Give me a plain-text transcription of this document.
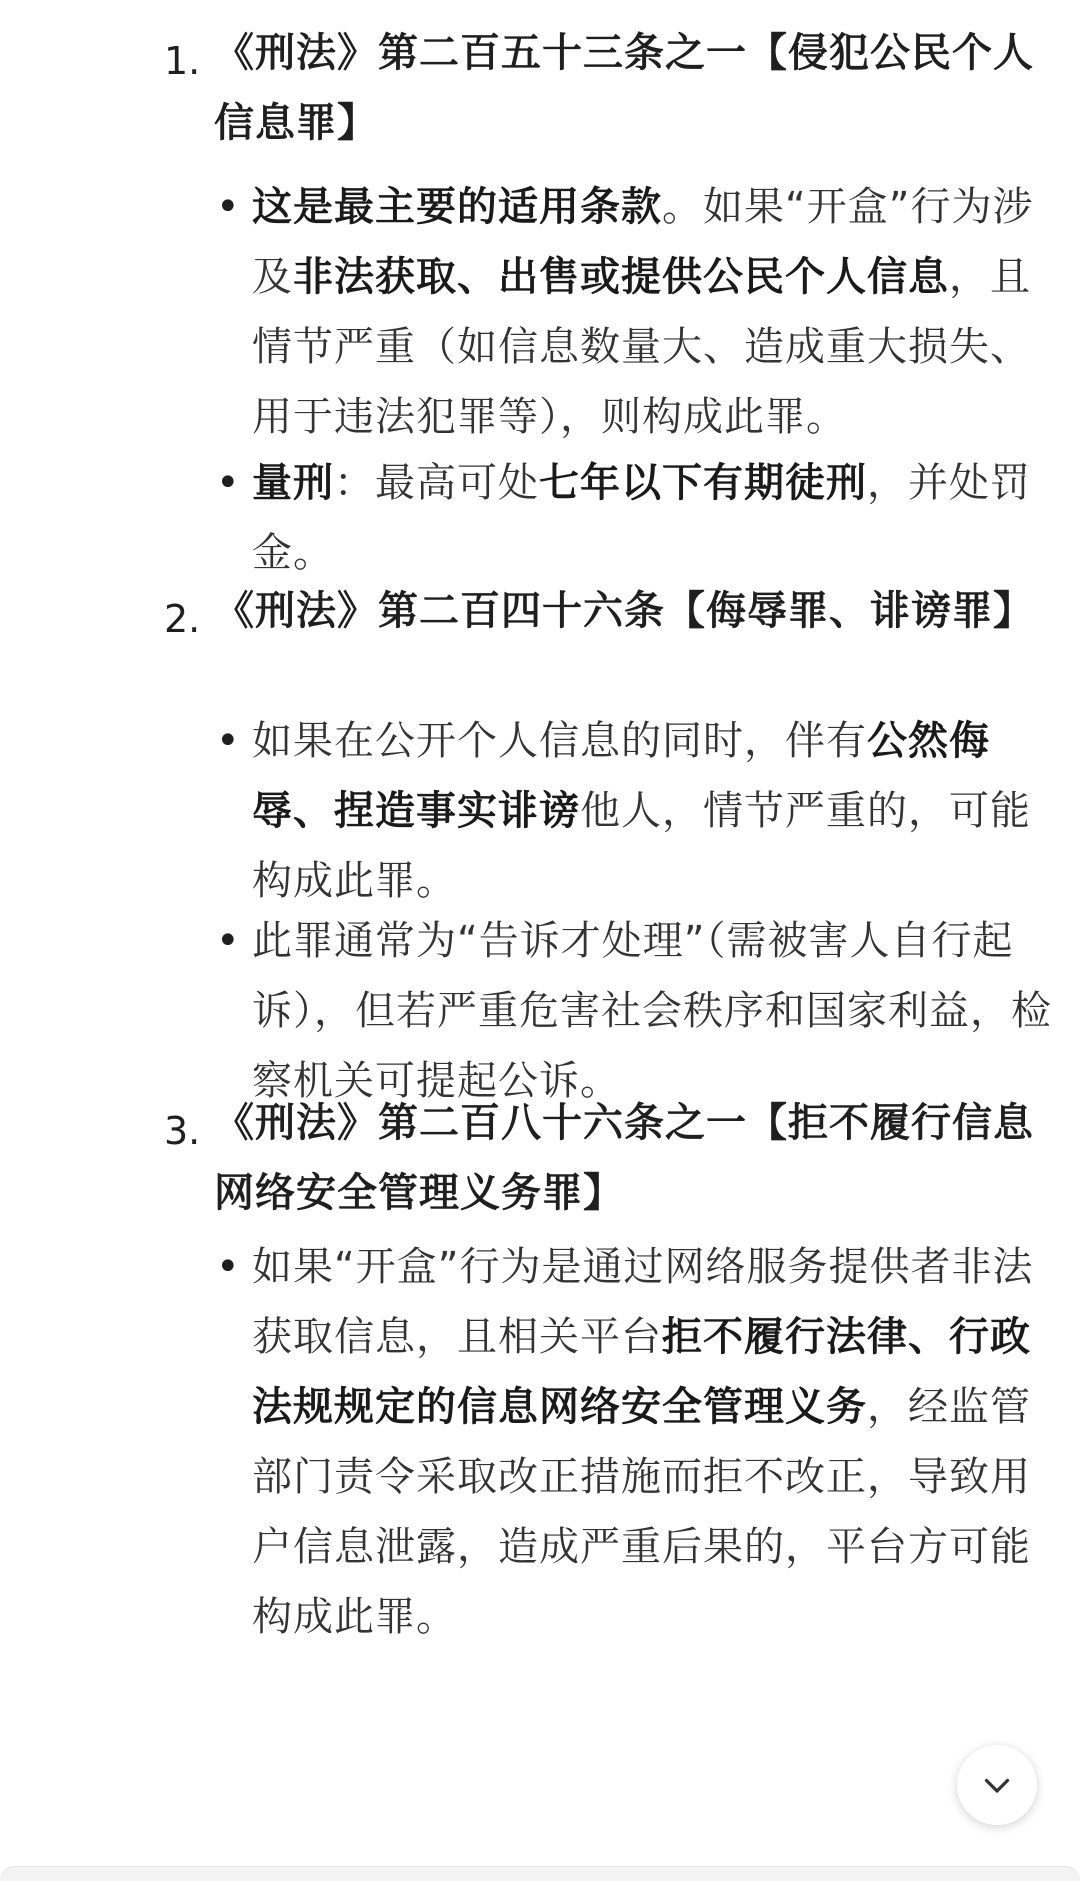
1. 《刑法》第二百五十三条之一【侵犯公民个人信息罪】
• 这是最主要的适用条款。如果“开盒”行为涉及非法获取、出售或提供公民个人信息，且情节严重（如信息数量大、造成重大损失、用于违法犯罪等），则构成此罪。
• 量刑：最高可处七年以下有期徒刑，并处罚金。
2. 《刑法》第二百四十六条【侮辱罪、诽谤罪】
• 如果在公开个人信息的同时，伴有公然侮辱、捏造事实诽谤他人，情节严重的，可能构成此罪。
• 此罪通常为“告诉才处理”（需被害人自行起诉），但若严重危害社会秩序和国家利益，检察机关可提起公诉。
3. 《刑法》第二百八十六条之一【拒不履行信息网络安全管理义务罪】
• 如果“开盒”行为是通过网络服务提供者非法获取信息，且相关平台拒不履行法律、行政法规规定的信息网络安全管理义务，经监管部门责令采取改正措施而拒不改正，导致用户信息泄露，造成严重后果的，平台方可能构成此罪。
